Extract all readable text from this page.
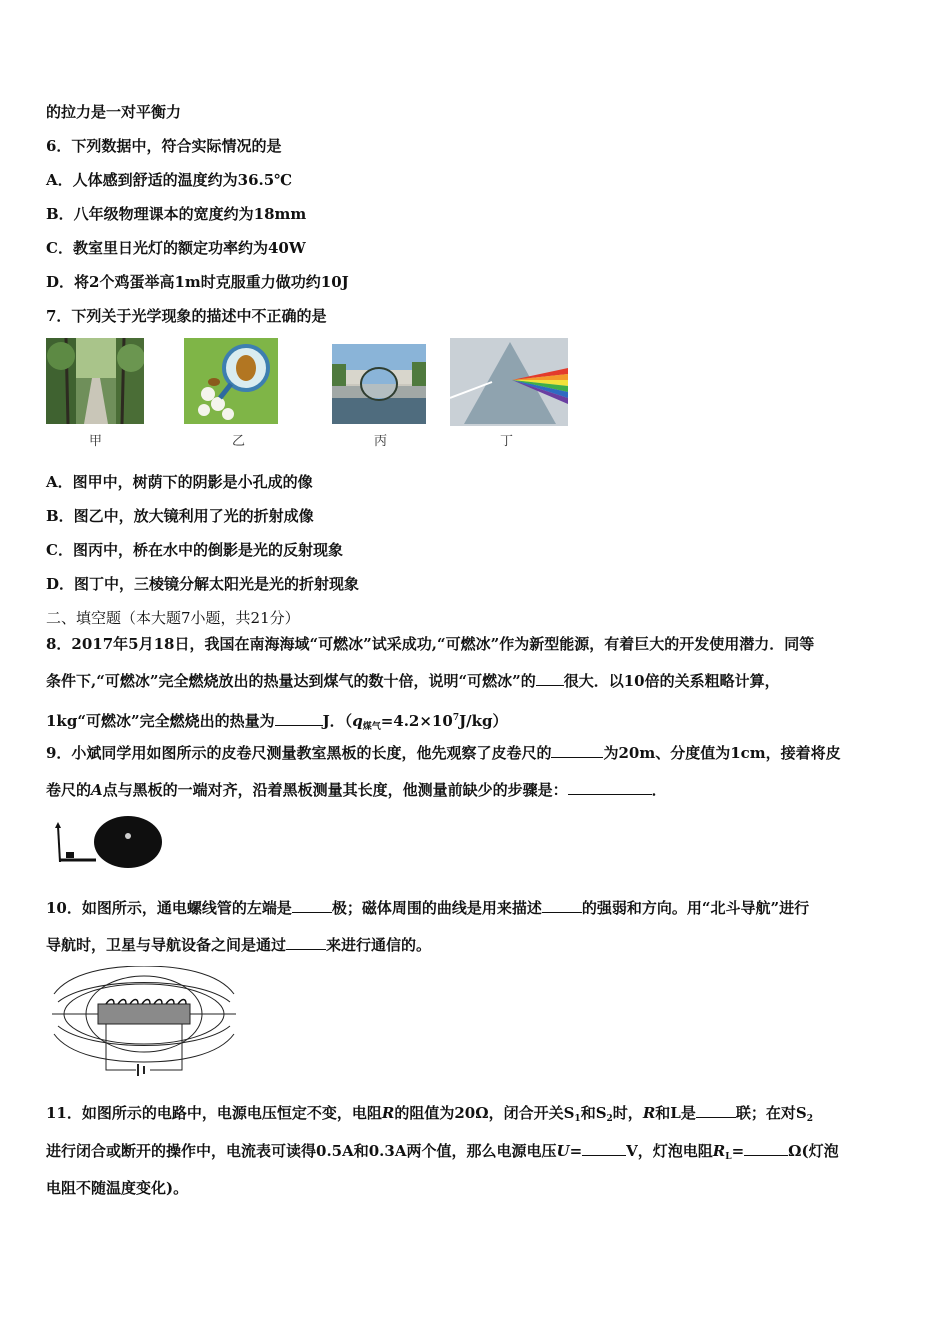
的拉力是一对平衡力
6．下列数据中，符合实际情况的是
A．人体感到舒适的温度约为36.5℃
B．八年级物理课本的宽度约为18mm
C．教室里日光灯的额定功率约为40W
D．将2个鸡蛋举高1m时克服重力做功约10J
7．下列关于光学现象的描述中不正确的是
甲	乙	丙	丁
A．图甲中，树荫下的阴影是小孔成的像
B．图乙中，放大镜利用了光的折射成像
C．图丙中，桥在水中的倒影是光的反射现象
D．图丁中，三棱镜分解太阳光是光的折射现象
二、填空题（本大题7小题，共21分）
8．2017年5月18日，我国在南海海域“可燃冰”试采成功,“可燃冰”作为新型能源，有着巨大的开发使用潜力．同等
条件下,“可燃冰”完全燃烧放出的热量达到煤气的数十倍，说明“可燃冰”的 很大．以10倍的关系粗略计算，
1kg“可燃冰”完全燃烧出的热量为	J．$(q_{煤气}=4.2\times 10^7J/kg)$
9．小斌同学用如图所示的皮卷尺测量教室黑板的长度，他先观察了皮卷尺的	为20m、分度值为1cm，接着将皮
卷尺的A点与黑板的一端对齐，沿着黑板测量其长度，他测量前缺少的步骤是：	．
10．如图所示，通电螺线管的左端是	极；磁体周围的曲线是用来描述	的强弱和方向。用“北斗导航”进行
导航时，卫星与导航设备之间是通过	来进行通信的。
11．如图所示的电路中，电源电压恒定不变，电阻R的阻值为20Ω，闭合开关$S_1$和$S_2$时，R和L是	联；在对$S_2$
进行闭合或断开的操作中，电流表可读得0.5A和0.3A两个值，那么电源电压U=	V，灯泡电阻$R_L=$	Ω(灯泡
电阻不随温度变化)。
